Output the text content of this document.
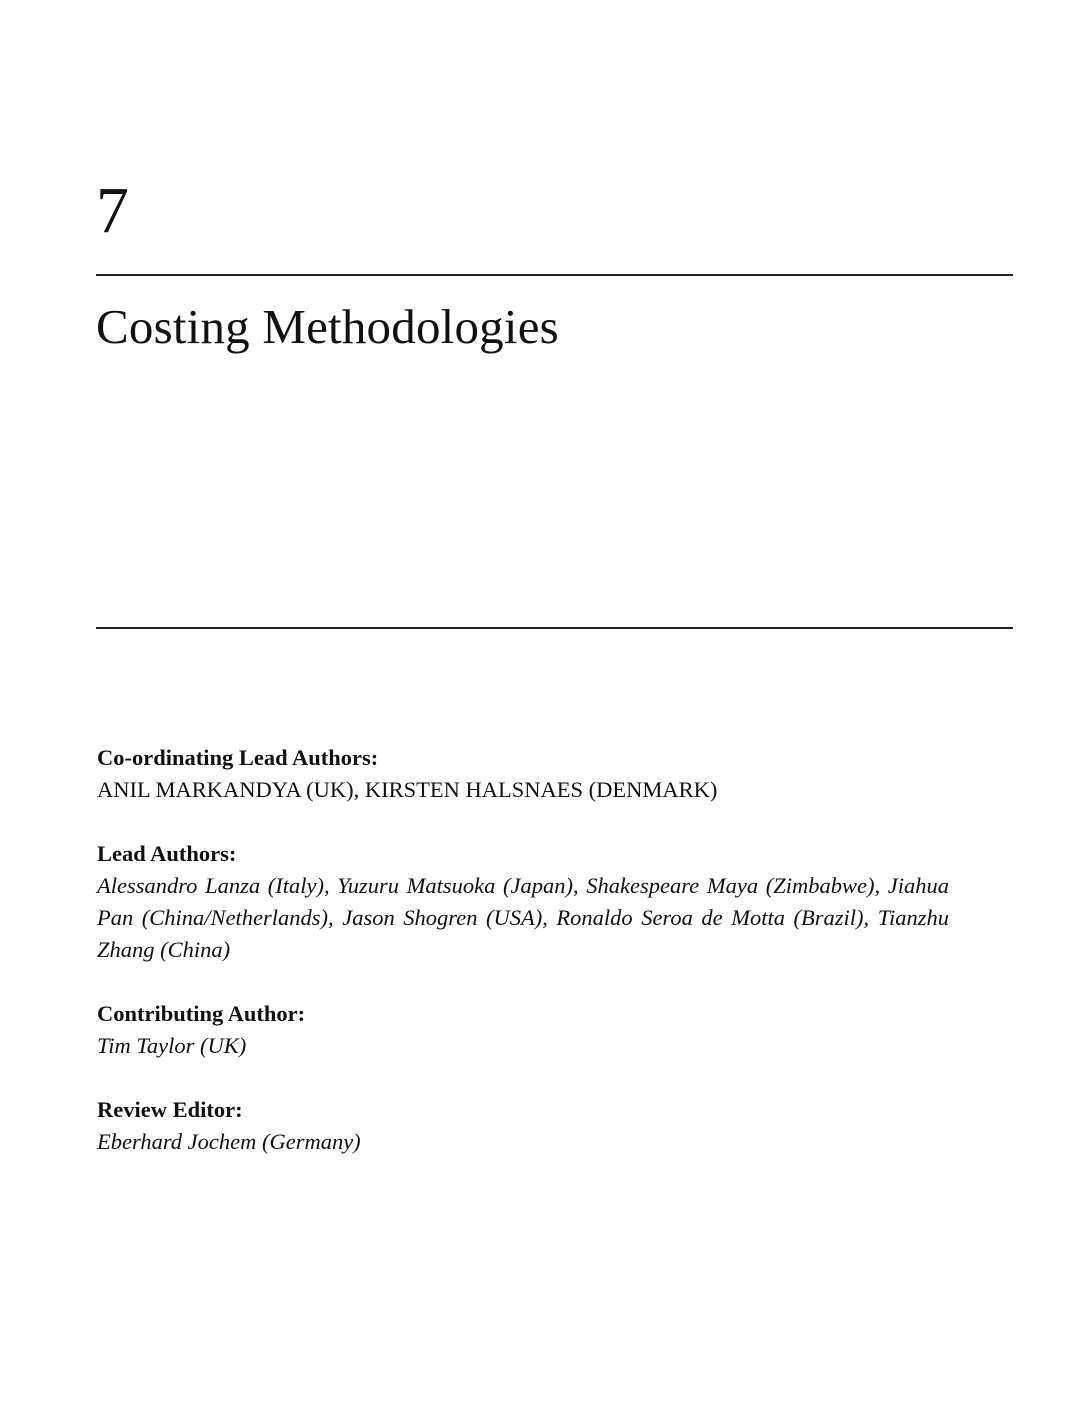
7
Costing Methodologies

Co-ordinating Lead Authors:

ANIL MARKANDYA (UK), KIRSTEN HALSNAES (DENMARK)

Lead Authors:

Alessandro Lanza (Italy), Yuzuru Matsuoka (Japan), Shakespeare Maya (Zimbabwe), Jiahua Pan (China/Netherlands), Jason Shogren (USA), Ronaldo Seroa de Motta (Brazil), Tianzhu Zhang (China)

Contributing Author:

Tim Taylor (UK)

Review Editor:

Eberhard Jochem (Germany)
